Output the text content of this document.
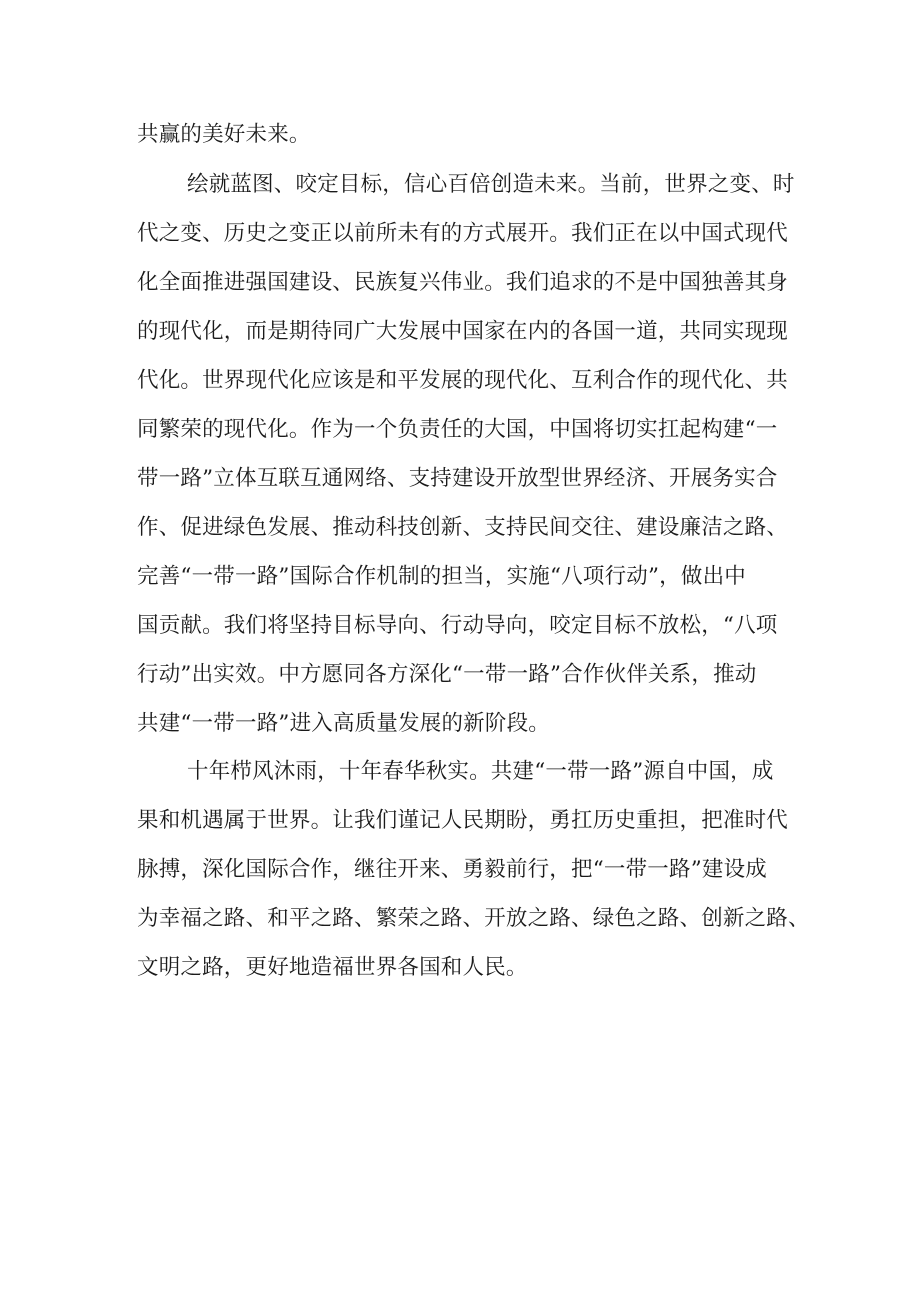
共赢的美好未来。

绘就蓝图、咬定目标，信心百倍创造未来。当前，世界之变、时

代之变、历史之变正以前所未有的方式展开。我们正在以中国式现代

化全面推进强国建设、民族复兴伟业。我们追求的不是中国独善其身

的现代化，而是期待同广大发展中国家在内的各国一道，共同实现现

代化。世界现代化应该是和平发展的现代化、互利合作的现代化、共

同繁荣的现代化。作为一个负责任的大国，中国将切实扛起构建“一

带一路”立体互联互通网络、支持建设开放型世界经济、开展务实合

作、促进绿色发展、推动科技创新、支持民间交往、建设廉洁之路、

完善“一带一路”国际合作机制的担当，实施“八项行动”，做出中

国贡献。我们将坚持目标导向、行动导向，咬定目标不放松，“八项

行动”出实效。中方愿同各方深化“一带一路”合作伙伴关系，推动

共建“一带一路”进入高质量发展的新阶段。

十年栉风沐雨，十年春华秋实。共建“一带一路”源自中国，成

果和机遇属于世界。让我们谨记人民期盼，勇扛历史重担，把准时代

脉搏，深化国际合作，继往开来、勇毅前行，把“一带一路”建设成

为幸福之路、和平之路、繁荣之路、开放之路、绿色之路、创新之路、

文明之路，更好地造福世界各国和人民。
